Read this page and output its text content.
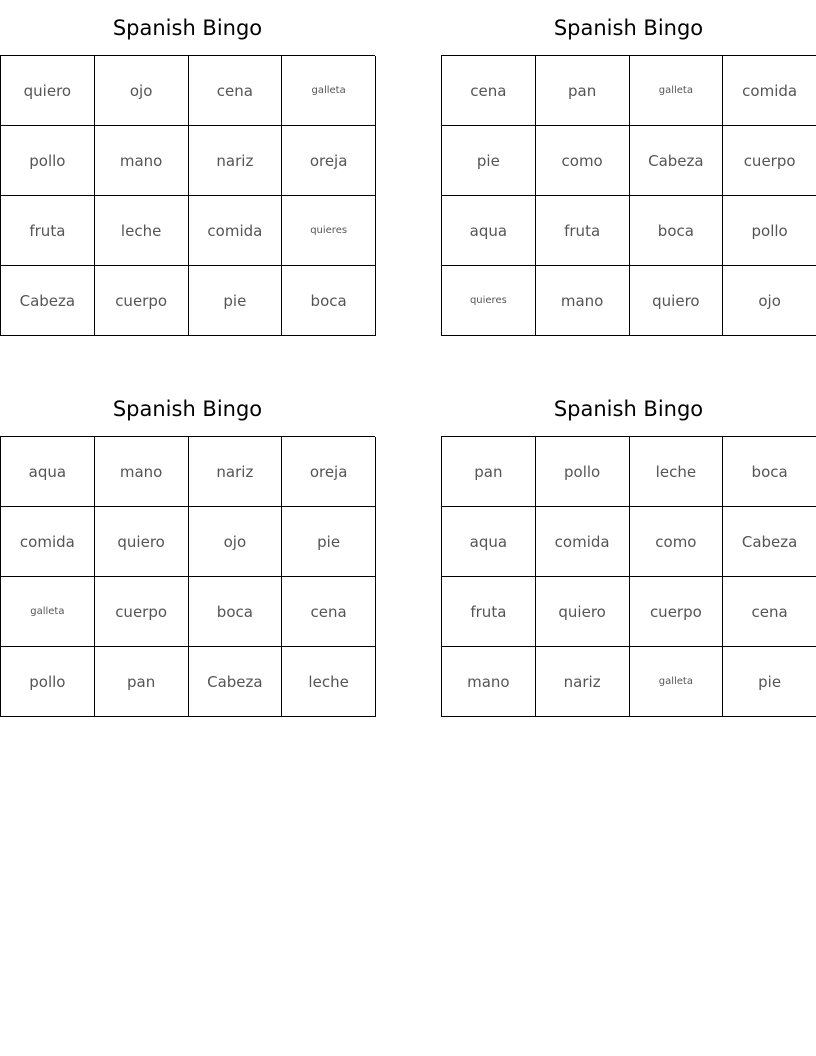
Spanish Bingo
quiero	ojo	cena	galleta
pollo	mano	nariz	oreja
fruta	leche	comida	quieres
Cabeza	cuerpo	pie	boca
Spanish Bingo
cena	pan	galleta	comida
pie	como	Cabeza	cuerpo
aqua	fruta	boca	pollo
quieres	mano	quiero	ojo
Spanish Bingo
aqua	mano	nariz	oreja
comida	quiero	ojo	pie
galleta	cuerpo	boca	cena
pollo	pan	Cabeza	leche
Spanish Bingo
pan	pollo	leche	boca
aqua	comida	como	Cabeza
fruta	quiero	cuerpo	cena
mano	nariz	galleta	pie
